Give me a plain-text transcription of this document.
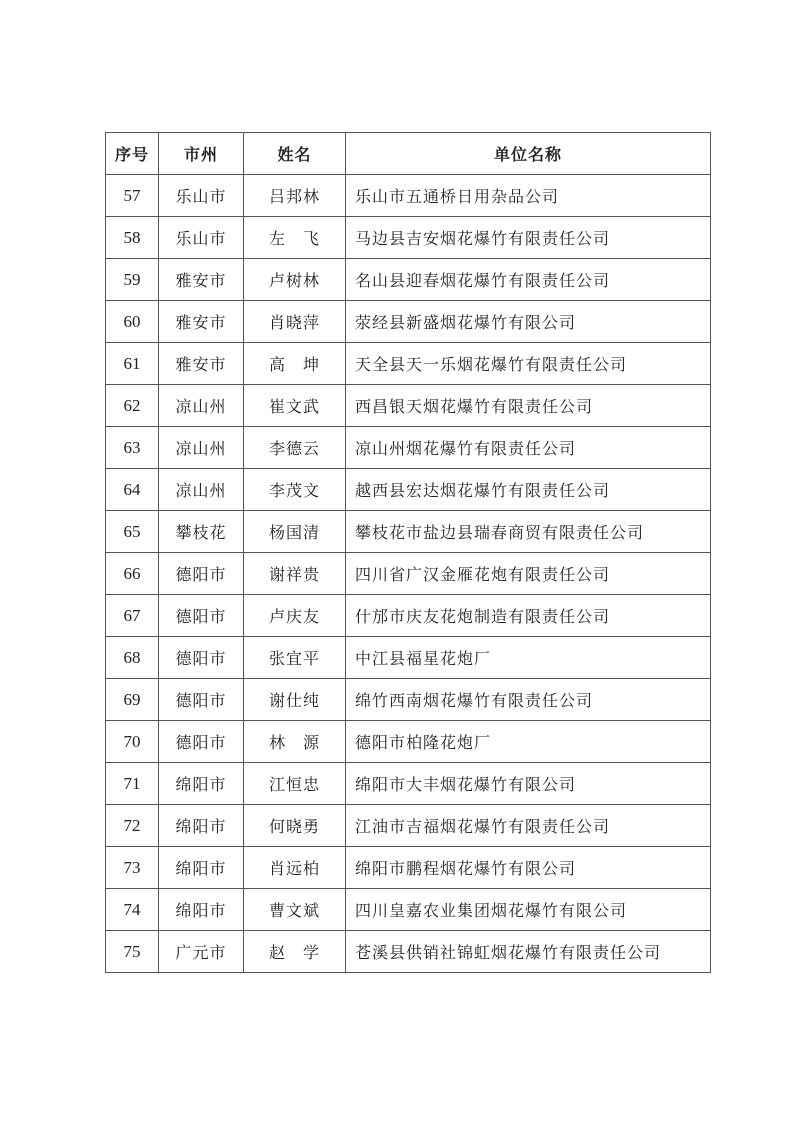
序号	市州	姓名	单位名称
57	乐山市	吕邦林	乐山市五通桥日用杂品公司
58	乐山市	左　飞	马边县吉安烟花爆竹有限责任公司
59	雅安市	卢树林	名山县迎春烟花爆竹有限责任公司
60	雅安市	肖晓萍	荥经县新盛烟花爆竹有限公司
61	雅安市	高　坤	天全县天一乐烟花爆竹有限责任公司
62	凉山州	崔文武	西昌银天烟花爆竹有限责任公司
63	凉山州	李德云	凉山州烟花爆竹有限责任公司
64	凉山州	李茂文	越西县宏达烟花爆竹有限责任公司
65	攀枝花	杨国清	攀枝花市盐边县瑞春商贸有限责任公司
66	德阳市	谢祥贵	四川省广汉金雁花炮有限责任公司
67	德阳市	卢庆友	什邡市庆友花炮制造有限责任公司
68	德阳市	张宜平	中江县福星花炮厂
69	德阳市	谢仕纯	绵竹西南烟花爆竹有限责任公司
70	德阳市	林　源	德阳市柏隆花炮厂
71	绵阳市	江恒忠	绵阳市大丰烟花爆竹有限公司
72	绵阳市	何晓勇	江油市吉福烟花爆竹有限责任公司
73	绵阳市	肖远柏	绵阳市鹏程烟花爆竹有限公司
74	绵阳市	曹文斌	四川皇嘉农业集团烟花爆竹有限公司
75	广元市	赵　学	苍溪县供销社锦虹烟花爆竹有限责任公司
